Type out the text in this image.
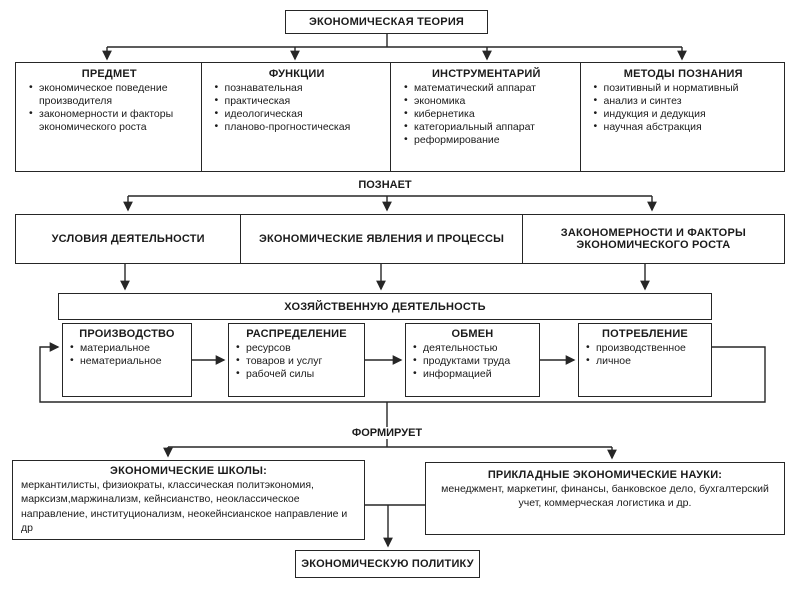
ЭКОНОМИЧЕСКАЯ ТЕОРИЯ
ПРЕДМЕТ
• экономическое поведение производителя
• закономерности и факторы экономического роста
ФУНКЦИИ
• познавательная
• практическая
• идеологическая
• планово-прогностическая
ИНСТРУМЕНТАРИЙ
• математический аппарат
• экономика
• кибернетика
• категориальный аппарат
• реформирование
МЕТОДЫ ПОЗНАНИЯ
• позитивный и нормативный
• анализ и синтез
• индукция и дедукция
• научная абстракция
ПОЗНАЕТ
УСЛОВИЯ ДЕЯТЕЛЬНОСТИ	ЭКОНОМИЧЕСКИЕ ЯВЛЕНИЯ И ПРОЦЕССЫ	ЗАКОНОМЕРНОСТИ И ФАКТОРЫ ЭКОНОМИЧЕСКОГО РОСТА
ХОЗЯЙСТВЕННУЮ ДЕЯТЕЛЬНОСТЬ
ПРОИЗВОДСТВО
• материальное
• нематериальное
РАСПРЕДЕЛЕНИЕ
• ресурсов
• товаров и услуг
• рабочей силы
ОБМЕН
• деятельностью
• продуктами труда
• информацией
ПОТРЕБЛЕНИЕ
• производственное
• личное
ФОРМИРУЕТ
ЭКОНОМИЧЕСКИЕ ШКОЛЫ:
меркантилисты, физиократы, классическая политэкономия, марксизм,маржинализм, кейнсианство, неоклассическое направление, институционализм, неокейнсианское направление и др
ПРИКЛАДНЫЕ ЭКОНОМИЧЕСКИЕ НАУКИ:
менеджмент, маркетинг, финансы, банковское дело, бухгалтерский учет, коммерческая логистика и др.
ЭКОНОМИЧЕСКУЮ ПОЛИТИКУ
